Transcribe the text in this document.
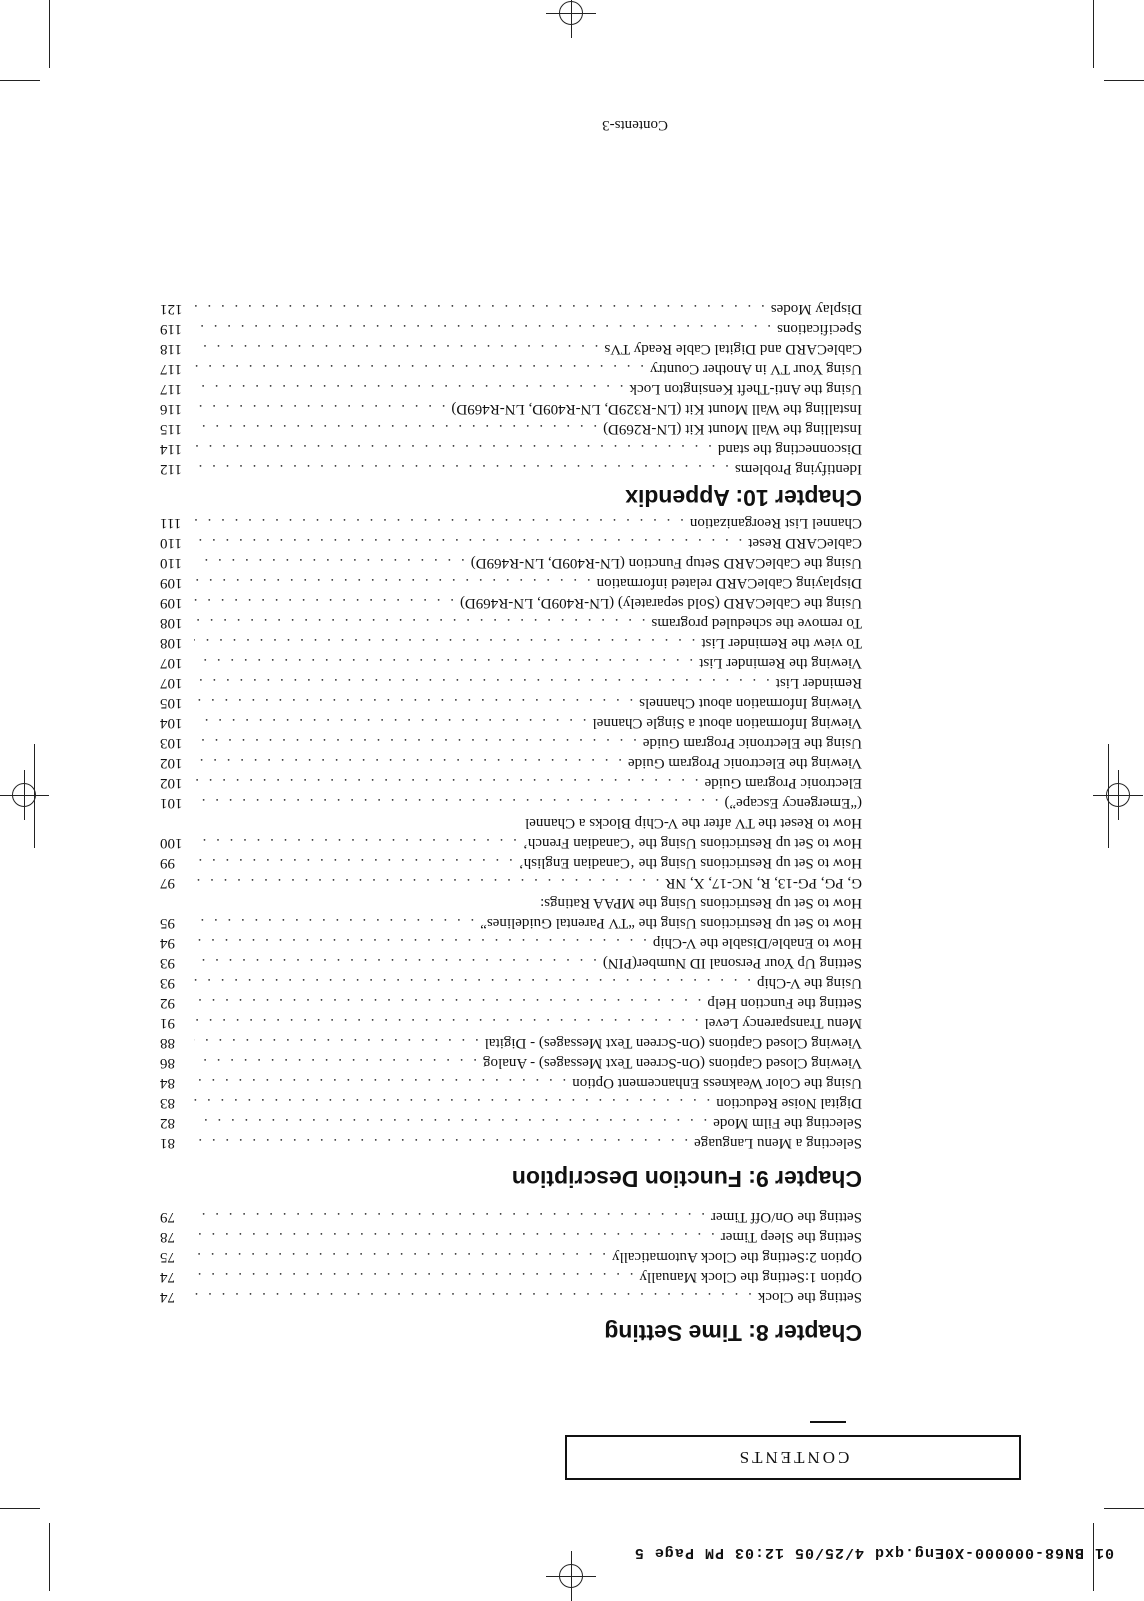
01 BN68-000000-X0Eng.qxd 4/25/05 12:03 PM Page 5
CONTENTS
Chapter 8: Time Setting
Setting the Clock
. . .
74
Option 1:Setting the Clock Manually
. . .
74
Option 2:Setting the Clock Automatically
. . .
75
Setting the Sleep Timer
. . .
78
Setting the On/Off Timer
. . .
79
Chapter 9: Function Description
Selecting a Menu Language
. . .
81
Selecting the Film Mode
. . .
82
Digital Noise Reduction
. . .
83
Using the Color Weakness Enhancement Option
. . .
84
Viewing Closed Captions (On-Screen Text Messages) - Analog
. . .
86
Viewing Closed Captions (On-Screen Text Messages) - Digital
. . .
88
Menu Transparency Level
. . .
91
Setting the Function Help
. . .
92
Using the V-Chip
. . .
93
Setting Up Your Personal ID Number(PIN)
. . .
93
How to Enable/Disable the V-Chip
. . .
94
How to Set up Restrictions Using the “TV Parental Guidelines”
. . .
95
How to Set up Restrictions Using the MPAA Ratings:
G, PG, PG-13, R, NC-17, X, NR
. . .
97
How to Set up Restrictions Using the ‘Canadian English’
. . .
99
How to Set up Restrictions Using the ‘Canadian French’
. . .
100
How to Reset the TV after the V-Chip Blocks a Channel
(“Emergency Escape”)
. . .
101
Electronic Program Guide
. . .
102
Viewing the Electronic Program Guide
. . .
102
Using the Electronic Program Guide
. . .
103
Viewing Information about a Single Channel
. . .
104
Viewing Information about Channels
. . .
105
Reminder List
. . .
107
Viewing the Reminder List
. . .
107
To view the Reminder List
. . .
108
To remove the scheduled programs
. . .
108
Using the CableCARD (Sold separately) (LN-R409D, LN-R469D)
. . .
109
Displaying CableCARD related information
. . .
109
Using the CableCARD Setup Function (LN-R409D, LN-R469D)
. . .
110
CableCARD Reset
. . .
110
Channel List Reorganization
. . .
111
Chapter 10: Appendix
Identifying Problems
. . .
112
Disconnecting the stand
. . .
114
Installing the Wall Mount Kit (LN-R269D)
. . .
115
Installing the Wall Mount Kit (LN-R329D, LN-R409D, LN-R469D)
. . .
116
Using the Anti-Theft Kensington Lock
. . .
117
Using Your TV in Another Country
. . .
117
CableCARD and Digital Cable Ready TVs
. . .
118
Specifications
. . .
119
Display Modes
. . .
121
Contents-3
